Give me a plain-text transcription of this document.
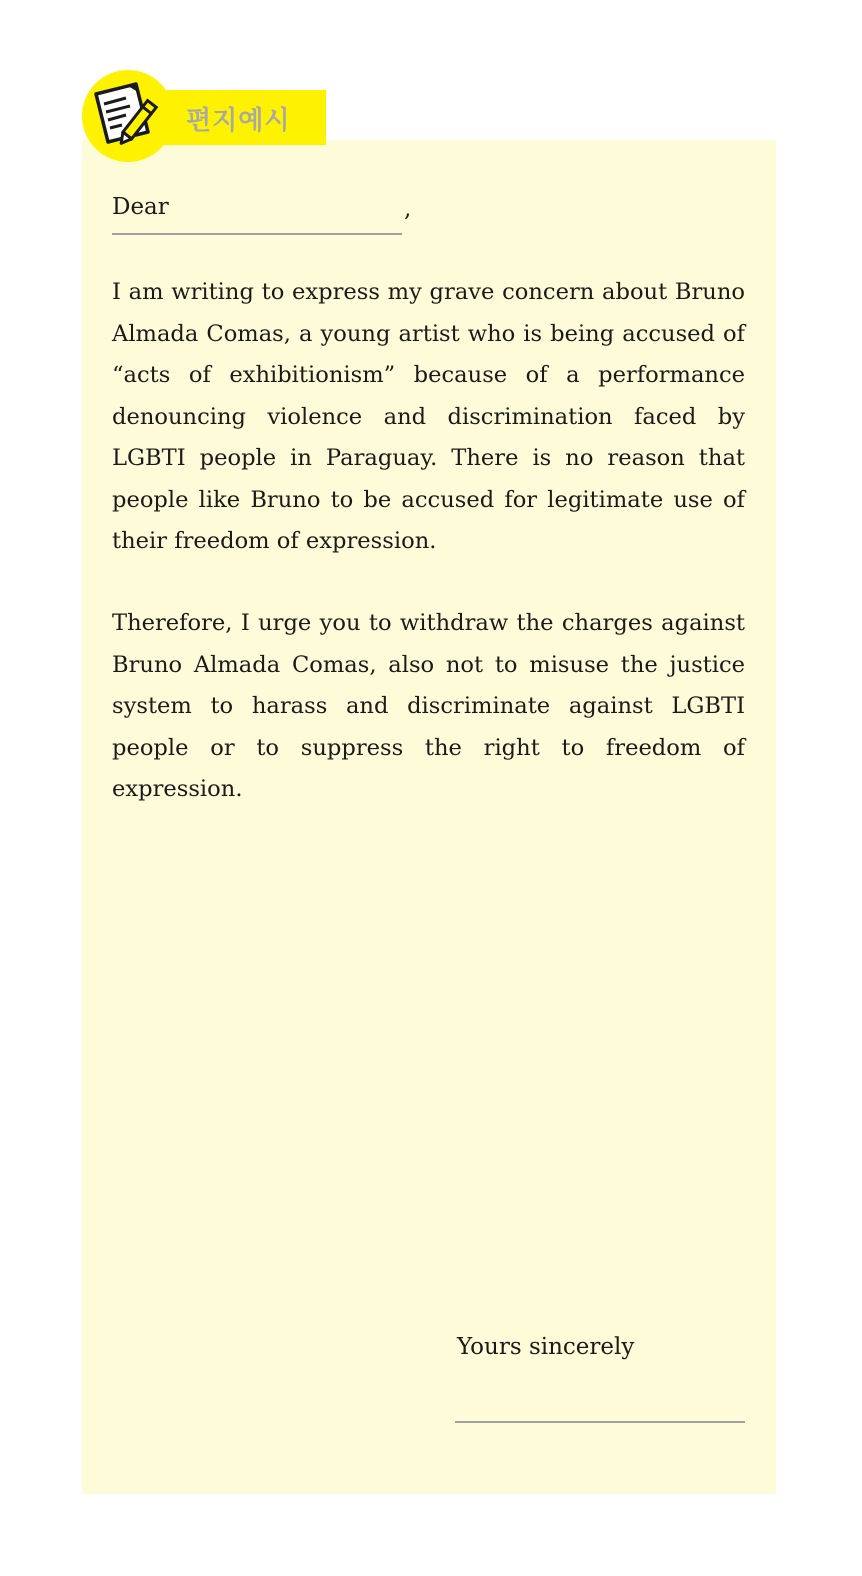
편지예시
Dear	,

I am writing to express my grave concern about Bruno Almada Comas, a young artist who is being accused of “acts of exhibitionism” because of a performance denouncing violence and discrimination faced by LGBTI people in Paraguay. There is no reason that people like Bruno to be accused for legitimate use of their freedom of expression.

Therefore, I urge you to withdraw the charges against Bruno Almada Comas, also not to misuse the justice system to harass and discriminate against LGBTI people or to suppress the right to freedom of expression.

Yours sincerely
